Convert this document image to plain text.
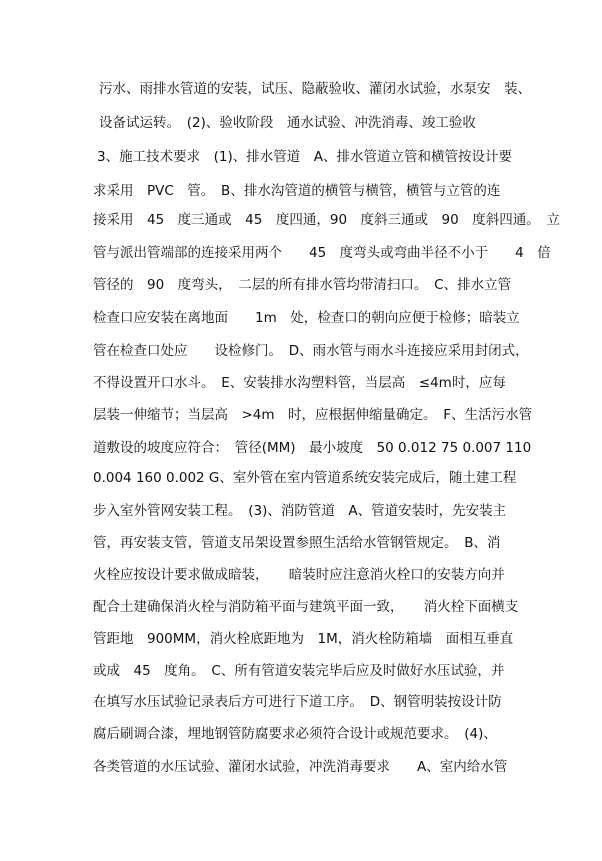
污水、雨排水管道的安装，试压、隐蔽验收、灌闭水试验，水泵安　装、
设备试运转。　(2)、验收阶段　通水试验、冲洗消毒、竣工验收
3、施工技术要求　(1)、排水管道　A、排水管道立管和横管按设计要
求采用　PVC　管。　B、排水沟管道的横管与横管，横管与立管的连
接采用　45　度三通或　45　度四通，90　度斜三通或　90　度斜四通。　立
管与派出管端部的连接采用两个　　45　度弯头或弯曲半径不小于　　4　倍
管径的　90　度弯头，　二层的所有排水管均带清扫口。　C、排水立管
检查口应安装在离地面　　1m　处，检查口的朝向应便于检修；暗装立
管在检查口处应　　设检修门。　D、雨水管与雨水斗连接应采用封闭式，
不得设置开口水斗。　E、安装排水沟塑料管，当层高　≤4m时，应每
层装一伸缩节；当层高　>4m　时，应根据伸缩量确定。　F、生活污水管
道敷设的坡度应符合：　管径(MM)　最小坡度　50 0.012 75 0.007 110
0.004 160 0.002 G、室外管在室内管道系统安装完成后，随土建工程
步入室外管网安装工程。　(3)、消防管道　A、管道安装时，先安装主
管，再安装支管，管道支吊架设置参照生活给水管钢管规定。　B、消
火栓应按设计要求做成暗装，　　暗装时应注意消火栓口的安装方向并
配合土建确保消火栓与消防箱平面与建筑平面一致，　　消火栓下面横支
管距地　900MM，消火栓底距地为　1M，消火栓防箱墙　面相互垂直
或成　45　度角。　C、所有管道安装完毕后应及时做好水压试验，并
在填写水压试验记录表后方可进行下道工序。　D、钢管明装按设计防
腐后刷调合漆，埋地钢管防腐要求必须符合设计或规范要求。　(4)、
各类管道的水压试验、灌闭水试验，冲洗消毒要求　　A、室内给水管
